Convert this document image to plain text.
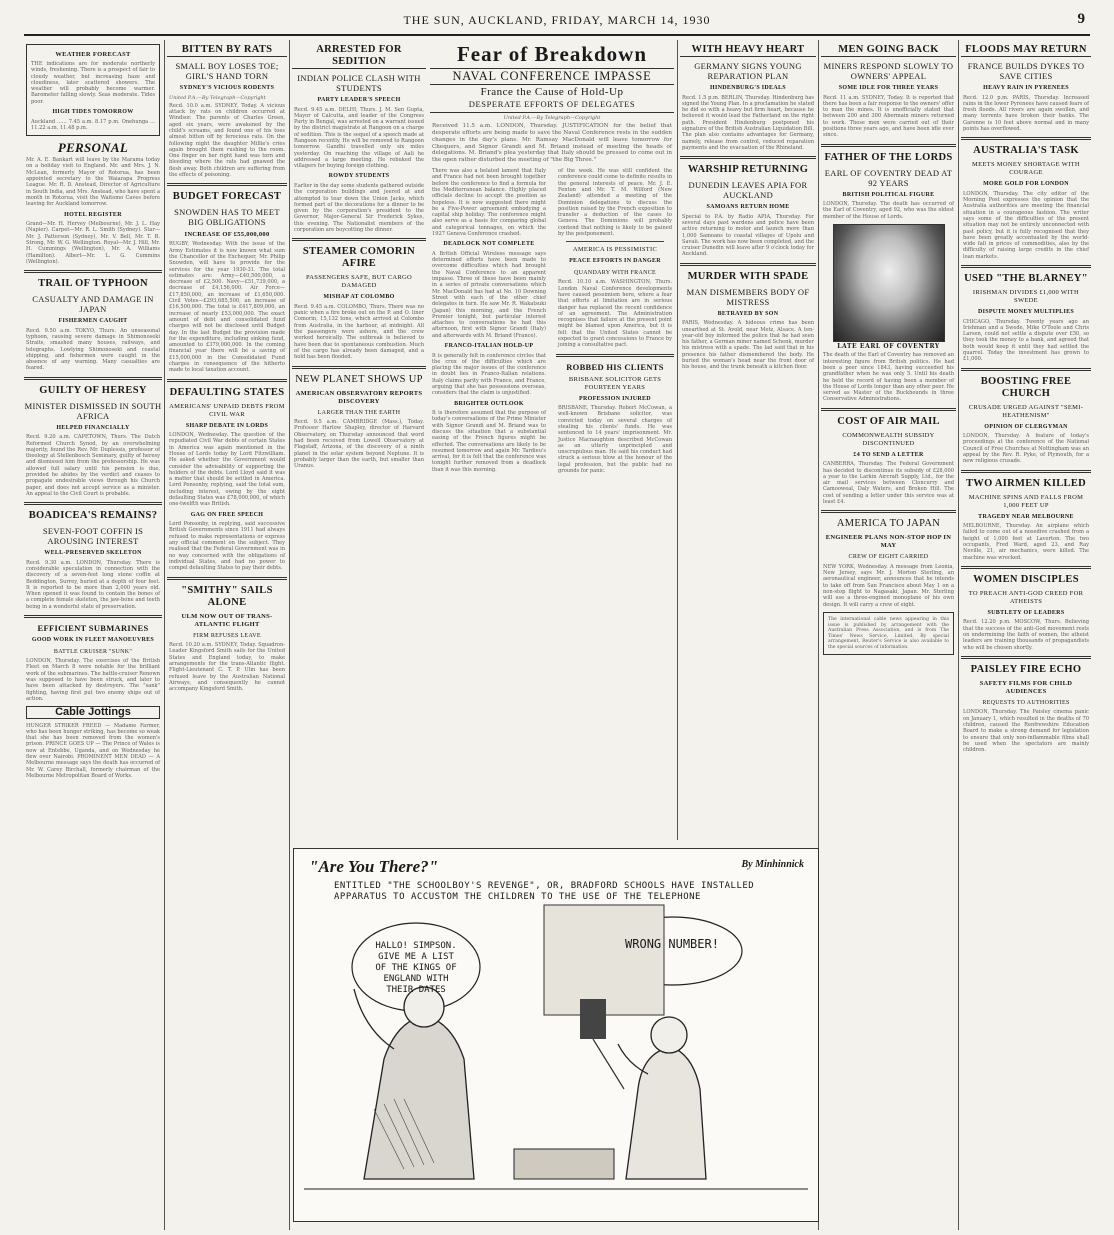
THE SUN, AUCKLAND, FRIDAY, MARCH 14, 1930	9
WEATHER FORECAST
THE indications are for moderate northerly winds, freshening. There is a prospect of fair to cloudy weather, but increasing haze and cloudiness, later scattered showers. The weather will probably become warmer. Barometer falling slowly. Seas moderate. Tides poor.
HIGH TIDES TOMORROW
Auckland ...... 7.45 a.m. 8.17 p.m. Onehunga ... 11.22 a.m. 11.48 p.m.
PERSONAL
Mr. A. E. Bankart will leave by the Marama today on a holiday visit to England. Mr. and Mrs. J. N. McLean, formerly Mayor of Rotorua, has been appointed secretary to the Waiarapa Progress League. Mr. R. D. Anstead, Director of Agriculture in South India, and Mrs. Anstead, who have spent a month in Rotorua, visit the Waitomo Caves before leaving for Auckland tomorrow.
HOTEL REGISTER
Grand—Mr. H. Hervey (Melbourne), Mr. J. L. Hay (Napier). Carpet—Mr. R. L. Smith (Sydney). Star—Mr. J. Patterson (Sydney), Mr. V. Bell, Mr. T. B. Strong, Mr. W. G. Wellington. Royal—Mr. J. Hill, Mr. H. Cummings (Wellington), Mr. A. Williams (Hamilton). Albert—Mr. L. G. Cummins (Wellington).
TRAIL OF TYPHOON
CASUALTY AND DAMAGE IN JAPAN
FISHERMEN CAUGHT
Recd. 9.50 a.m. TOKYO, Thurs. An unseasonal typhoon, causing severe damage in Shimonoseki Straits, smashed many houses, railways, and telegraphs. Lowlying Shimonoseki and coastal shipping, and fishermen were caught in the absence of any warning. Many casualties are feared.
GUILTY OF HERESY
MINISTER DISMISSED IN SOUTH AFRICA
HELPED FINANCIALLY
Recd. 9.20 a.m. CAPETOWN, Thurs. The Dutch Reformed Church Synod, by an overwhelming majority, found the Rev. Mr. Duplessis, professor of theology at Stellenbosch Seminary, guilty of heresy and dismissed him from the professorship. He was allowed full salary until his pension is due, provided he abides by the verdict and ceases to propagate undesirable views through his Church paper, and does not accept service as a minister. An appeal to the Civil Court is probable.
BOADICEA'S REMAINS?
SEVEN-FOOT COFFIN IS AROUSING INTEREST
WELL-PRESERVED SKELETON
Recd. 9.30 a.m. LONDON, Thursday. There is considerable speculation in connection with the discovery of a seven-feet long stone coffin at Beddington, Surrey, buried at a depth of four feet. It is reported to be more than 2,000 years old. When opened it was found to contain the bones of a complete female skeleton, the jaw-bone and teeth being in a wonderful state of preservation.
EFFICIENT SUBMARINES
GOOD WORK IN FLEET MANOEUVRES
BATTLE CRUISER "SUNK"
LONDON, Thursday. The exercises of the British Fleet on March 8 were notable for the brilliant work of the submarines. The battle-cruiser Renown was supposed to have been struck, and later to have been attacked by destroyers. The "sank" fighting, having first put two enemy ships out of action.
Cable Jottings
HUNGER STRIKER FREED — Madame Farmer, who has been hunger striking, has become so weak that she has been removed from the women's prison. PRINCE GOES UP — The Prince of Wales is now at Entebbe, Uganda, and on Wednesday he flew over Nairobi. PROMINENT MEN DEAD — A Melbourne message says the death has occurred of Mr. W. Carey Birchall, formerly chairman of the Melbourne Metropolitan Board of Works.
BITTEN BY RATS
SMALL BOY LOSES TOE; GIRL'S HAND TORN
SYDNEY'S VICIOUS RODENTS
United P.A.—By Telegraph—Copyright
Recd. 10.0 a.m. SYDNEY, Today. A vicious attack by rats on children occurred at Windsor. The parents of Charles Green, aged six years, were awakened by the child's screams, and found one of his toes almost bitten off by ferocious rats. On the following night the daughter Millie's cries again brought them rushing to the room. One finger on her right hand was torn and bleeding where the rats had gnawed the flesh away. Both children are suffering from the effects of poisoning.
BUDGET FORECAST
SNOWDEN HAS TO MEET BIG OBLIGATIONS
INCREASE OF £55,000,000
RUGBY, Wednesday. With the issue of the Army Estimates it is now known what sum the Chancellor of the Exchequer, Mr. Philip Snowden, will have to provide for the services for the year 1930-31. The total estimates are: Army—£40,500,000, a decrease of £2,500. Navy—£51,739,000, a decrease of £4,156,000. Air Force—£17,850,000, an increase of £1,650,000. Civil Votes—£293,685,500, an increase of £16,500,000. The total is £417,809,000, an increase of nearly £53,000,000. The exact amount of debt and consolidated fund charges will not be disclosed until Budget day. In the last Budget the provision made for the expenditure, including sinking fund, amounted to £379,000,000. In the coming financial year there will be a saving of £15,000,000 in the Consolidated Fund charges in consequence of the hitherto made to local taxation account.
DEFAULTING STATES
AMERICANS' UNPAID DEBTS FROM CIVIL WAR
SHARP DEBATE IN LORDS
LONDON, Wednesday. The question of the repudiated Civil War debts of certain States in America was again mentioned in the House of Lords today by Lord Fitzwilliam. He asked whether the Government would consider the advisability of supporting the holders of the debts. Lord Lloyd said it was a matter that should be settled in America. Lord Ponsonby, replying, said the total sum, including interest, owing by the eight defaulting States was £78,000,000, of which one-twelfth was British.
GAG ON FREE SPEECH
Lord Ponsonby, in replying, said successive British Governments since 1911 had always refused to make representations or express any official comment on the subject. They realised that the Federal Government was in no way concerned with the obligations of individual States, and had no power to compel defaulting States to pay their debts.
"SMITHY" SAILS ALONE
ULM NOW OUT OF TRANS-ATLANTIC FLIGHT
FIRM REFUSES LEAVE
Recd. 10.20 a.m. SYDNEY, Today. Squadron-Leader Kingsford Smith sails for the United States and England today, to make arrangements for the trans-Atlantic flight. Flight-Lieutenant C. T. P. Ulm has been refused leave by the Australian National Airways, and consequently he cannot accompany Kingsford Smith.
ARRESTED FOR SEDITION
INDIAN POLICE CLASH WITH STUDENTS
PARTY LEADER'S SPEECH
Recd. 9.45 a.m. DELHI, Thurs. J. M. Sen Gupta, Mayor of Calcutta, and leader of the Congress Party in Bengal, was arrested on a warrant issued by the district magistrate at Rangoon on a charge of sedition. This is the sequel of a speech made at Rangoon recently. He will be removed to Rangoon tomorrow. Gandhi travelled only six miles yesterday. On reaching the village of Aali he addressed a large meeting. He rebuked the villagers for buying foreign clothing.
ROWDY STUDENTS
Earlier in the day some students gathered outside the corporation buildings and jeered at and attempted to tear down the Union Jacks, which formed part of the decorations for a dinner to be given by the corporation's president to the Governor, Major-General Sir Frederick Sykes, this evening. The Nationalist members of the corporation are boycotting the dinner.
STEAMER COMORIN AFIRE
PASSENGERS SAFE, BUT CARGO DAMAGED
MISHAP AT COLOMBO
Recd. 9.45 a.m. COLOMBO, Thurs. There was no panic when a fire broke out on the P. and O. liner Comorin, 15,132 tons, which arrived at Colombo from Australia, in the harbour, at midnight. All the passengers were ashore, and the crew worked heroically. The outbreak is believed to have been due to spontaneous combustion. Much of the cargo has already been damaged, and a hold has been flooded.
NEW PLANET SHOWS UP
AMERICAN OBSERVATORY REPORTS DISCOVERY
LARGER THAN THE EARTH
Recd. 9.5 a.m. CAMBRIDGE (Mass.), Today. Professor Harlow Shapley, director of Harvard Observatory, on Thursday announced that word had been received from Lowell Observatory at Flagstaff, Arizona, of the discovery of a ninth planet in the solar system beyond Neptune. It is probably larger than the earth, but smaller than Uranus.
Fear of Breakdown
NAVAL CONFERENCE IMPASSE
France the Cause of Hold-Up
DESPERATE EFFORTS OF DELEGATES
United P.A.—By Telegraph—Copyright
Received 11.5 a.m. LONDON, Thursday. JUSTIFICATION for the belief that desperate efforts are being made to save the Naval Conference rests in the sudden changes in the day's plans. Mr. Ramsay MacDonald will leave tomorrow for Chequers, and Signor Grandi and M. Briand instead of meeting the heads of delegations. M. Briand's plea yesterday that Italy should be pressed to come out in the open rather disturbed the meeting of "the Big Three."
There was also a belated lament that Italy and France had not been brought together before the conference to find a formula for the Mediterranean balance. Highly placed officials decline to accept the position as hopeless. It is now suggested there might be a Five-Power agreement embodying a capital ship holiday. The conference might also serve as a basis for comparing global and categorical tonnages, on which the 1927 Geneva Conference crashed.
DEADLOCK NOT COMPLETE
A British Official Wireless message says determined efforts have been made to overcome difficulties which had brought the Naval Conference to an apparent impasse. Three of these have been mainly in a series of private conversations which Mr. MacDonald has had at No. 10 Downing Street with each of the other chief delegates in turn. He saw Mr. R. Wakatsuki (Japan) this morning, and the French Premier tonight, but particular interest attaches to conversations he had this afternoon, first with Signor Grandi (Italy) and afterwards with M. Briand (France).
FRANCO-ITALIAN HOLD-UP
It is generally felt in conference circles that the crux of the difficulties which are placing the major issues of the conference in doubt lies in Franco-Italian relations. Italy claims parity with France, and France, arguing that she has possessions overseas, considers that the claim is unjustified.
BRIGHTER OUTLOOK
It is therefore assumed that the purpose of today's conversations of the Prime Minister with Signor Grandi and M. Briand was to discuss the situation that a substantial easing of the French figures might be effected. The conversations are likely to be resumed tomorrow and again Mr. Tardieu's arrival, for it is felt that the conference was tonight further removed from a deadlock than it was this morning.
of the week. He was still confident the conference could come to definite results in the general interests of peace. Mr. J. E. Fenton and Mr. T. M. Wilford (New Zealand) attended a meeting of the Dominion delegations to discuss the position raised by the French exposition to transfer a deduction of the cases to Geneva. The Dominions will probably contend that nothing is likely to be gained by the postponement.
AMERICA IS PESSIMISTIC
PEACE EFFORTS IN DANGER
QUANDARY WITH FRANCE
Recd. 10.10 a.m. WASHINGTON, Thurs. London Naval Conference developments have caused pessimism here, where a fear that efforts at limitation are in serious danger has replaced the recent confidence of an agreement. The Administration recognises that failure at the present point might be blamed upon America, but it is felt that the United States cannot be expected to grant concessions to France by joining a consultative pact.
ROBBED HIS CLIENTS
BRISBANE SOLICITOR GETS FOURTEEN YEARS
PROFESSION INJURED
BRISBANE, Thursday. Robert McCowan, a well-known Brisbane solicitor, was convicted today on several charges of stealing his clients' funds. He was sentenced to 14 years' imprisonment. Mr. Justice Macnaughton described McCowan as an utterly unprincipled and unscrupulous man. He said his conduct had struck a serious blow at the honour of the legal profession, but the public had no grounds for panic.
WITH HEAVY HEART
GERMANY SIGNS YOUNG REPARATION PLAN
HINDENBURG'S IDEALS
Recd. 1.5 p.m. BERLIN, Thursday. Hindenburg has signed the Young Plan. In a proclamation he stated he did so with a heavy but firm heart, because he believed it would lead the Fatherland on the right path. President Hindenburg postponed his signature of the British Australian Liquidation Bill. The plan also contains advantages for Germany, namely, release from control, reduced reparation payments and the evacuation of the Rhineland.
WARSHIP RETURNING
DUNEDIN LEAVES APIA FOR AUCKLAND
SAMOANS RETURN HOME
Special to P.A. by Radio APIA, Thursday. For several days past wardens and police have been active returning to motor and launch more than 1,000 Samoans to coastal villages of Upolu and Savaii. The work has now been completed, and the cruiser Dunedin will leave after 9 o'clock today for Auckland.
MURDER WITH SPADE
MAN DISMEMBERS BODY OF MISTRESS
BETRAYED BY SON
PARIS, Wednesday. A hideous crime has been unearthed at St. Avold, near Metz, Alsace. A ten-year-old boy informed the police that he had seen his father, a German miner named Schenk, murder his mistress with a spade. The lad said that in his presence his father dismembered the body. He buried the woman's head near the front door of his house, and the trunk beneath a kitchen floor.
MEN GOING BACK
MINERS RESPOND SLOWLY TO OWNERS' APPEAL
SOME IDLE FOR THREE YEARS
Recd. 11 a.m. SYDNEY, Today. It is reported that there has been a fair response to the owners' offer to man the mines. It is unofficially stated that between 200 and 300 Abermain miners returned to work. These men were carried out of their positions three years ago, and have been idle ever since.
FATHER OF THE LORDS
EARL OF COVENTRY DEAD AT 92 YEARS
BRITISH POLITICAL FIGURE
LONDON, Thursday. The death has occurred of the Earl of Coventry, aged 92, who was the oldest member of the House of Lords.
LATE EARL OF COVENTRY
The death of the Earl of Coventry has removed an interesting figure from British politics. He had been a peer since 1843, having succeeded his grandfather when he was only 5. Until his death he held the record of having been a member of the House of Lords longer than any other peer. He served as Master of the Buckhounds in three Conservative Administrations.
COST OF AIR MAIL
COMMONWEALTH SUBSIDY DISCONTINUED
£4 TO SEND A LETTER
CANBERRA, Thursday. The Federal Government has decided to discontinue its subsidy of £28,000 a year to the Larkin Aircraft Supply, Ltd., for the air mail services between Cloncurry and Camooweal, Daly Waters, and Broken Hill. The cost of sending a letter under this service was at least £4.
AMERICA TO JAPAN
ENGINEER PLANS NON-STOP HOP IN MAY
CREW OF EIGHT CARRIED
NEW YORK, Wednesday. A message from Leonia, New Jersey, says Mr. J. Morton Sterling, an aeronautical engineer, announces that he intends to take off from San Francisco about May 1 on a non-stop flight to Nagasaki, Japan. Mr. Sterling will use a three-engined monoplane of his own design. It will carry a crew of eight.
The international cable news appearing in this issue is published by arrangement with the Australian Press Association, and is from The Times' News Service, Limited. By special arrangement, Reuter's Service is also available to the special sources of information.
FLOODS MAY RETURN
FRANCE BUILDS DYKES TO SAVE CITIES
HEAVY RAIN IN PYRENEES
Recd. 12.0 p.m. PARIS, Thursday. Increased rains in the lower Pyrenees have caused fears of fresh floods. All rivers are again swollen, and many torrents have broken their banks. The Garonne is 10 feet above normal and in many points has overflowed.
AUSTRALIA'S TASK
MEETS MONEY SHORTAGE WITH COURAGE
MORE GOLD FOR LONDON
LONDON, Thursday. The city editor of the Morning Post expresses the opinion that the Australia authorities are meeting the financial situation in a courageous fashion. The writer says some of the difficulties of the present situation may not be entirely unconnected with past policy, but it is fully recognised that they have been greatly accentuated by the world-wide fall in prices of commodities, also by the difficulty of raising large credits in the chief loan markets.
USED "THE BLARNEY"
IRISHMAN DIVIDES £1,000 WITH SWEDE
DISPUTE MONEY MULTIPLIES
CHICAGO, Thursday. Twenty years ago an Irishman and a Swede, Mike O'Toole and Chris Larsen, could not settle a dispute over £50, so they took the money to a bank, and agreed that both would keep it until they had settled the quarrel. Today the investment has grown to £1,000.
BOOSTING FREE CHURCH
CRUSADE URGED AGAINST "SEMI-HEATHENISM"
OPINION OF CLERGYMAN
LONDON, Thursday. A feature of today's proceedings at the conference of the National Council of Free Churches at Nottingham was an appeal by the Rev. R. Pyke, of Plymouth, for a new religious crusade.
TWO AIRMEN KILLED
MACHINE SPINS AND FALLS FROM 1,000 FEET UP
TRAGEDY NEAR MELBOURNE
MELBOURNE, Thursday. An airplane which failed to come out of a nosedive crashed from a height of 1,000 feet at Laverton. The two occupants, Fred Ward, aged 23, and Ray Neville, 21, air mechanics, were killed. The machine was wrecked.
WOMEN DISCIPLES
TO PREACH ANTI-GOD CREED FOR ATHEISTS
SUBTLETY OF LEADERS
Recd. 12.20 p.m. MOSCOW, Thurs. Believing that the success of the anti-God movement rests on undermining the faith of women, the atheist leaders are training thousands of propagandists who will be chosen shortly.
PAISLEY FIRE ECHO
SAFETY FILMS FOR CHILD AUDIENCES
REQUESTS TO AUTHORITIES
LONDON, Thursday. The Paisley cinema panic on January 1, which resulted in the deaths of 70 children, caused the Renfrewshire Education Board to make a strong demand for legislation to ensure that only non-inflammable films shall be used when the spectators are mainly children.
"Are You There?"	By Minhinnick
ENTITLED "THE SCHOOLBOY'S REVENGE", OR, BRADFORD SCHOOLS HAVE INSTALLED APPARATUS TO ACCUSTOM THE CHILDREN TO THE USE OF THE TELEPHONE
HALLO! SIMPSON. GIVE ME A LIST OF THE KINGS OF ENGLAND WITH THEIR DATES
WRONG NUMBER!
